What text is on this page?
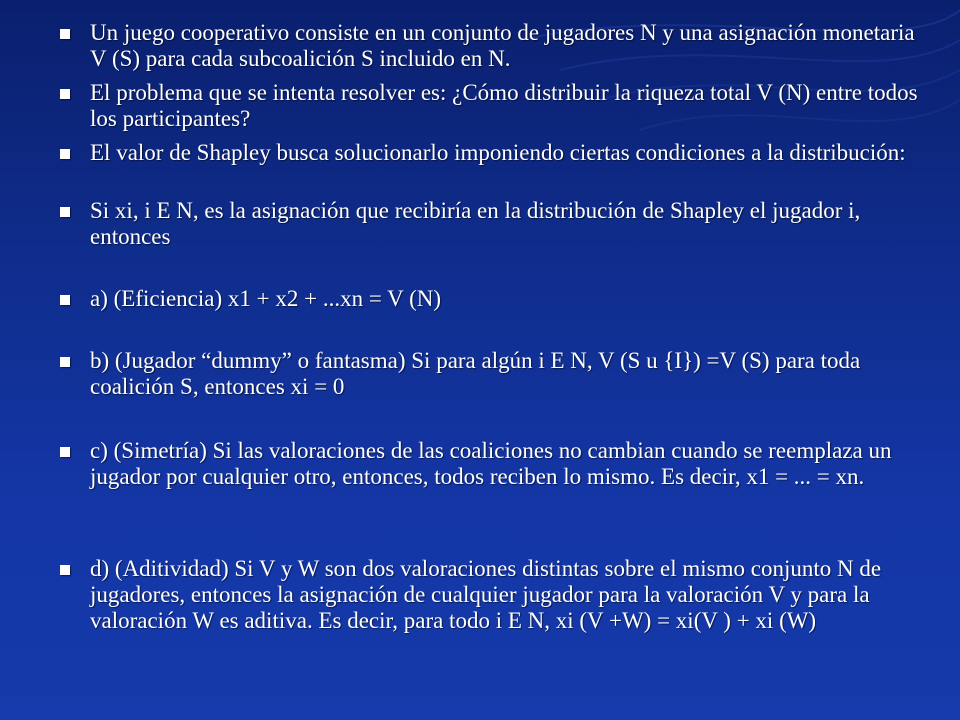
Un juego cooperativo consiste en un conjunto de jugadores N y una asignación monetaria V (S) para cada subcoalición S incluido en N.

El problema que se intenta resolver es: ¿Cómo distribuir la riqueza total V (N) entre todos los participantes?

El valor de Shapley busca solucionarlo imponiendo ciertas condiciones a la distribución:

Si xi, i E N, es la asignación que recibiría en la distribución de Shapley el jugador i, entonces

a) (Eficiencia) x1 + x2 + ...xn = V (N)

b) (Jugador “dummy” o fantasma) Si para algún i E N, V (S u {I}) =V (S) para toda coalición S, entonces xi = 0

c) (Simetría) Si las valoraciones de las coaliciones no cambian cuando se reemplaza un jugador por cualquier otro, entonces, todos reciben lo mismo. Es decir, x1 = ... = xn.

d) (Aditividad) Si V y W son dos valoraciones distintas sobre el mismo conjunto N de jugadores, entonces la asignación de cualquier jugador para la valoración V y para la valoración W es aditiva. Es decir, para todo i E N, xi (V +W) = xi(V ) + xi (W)
